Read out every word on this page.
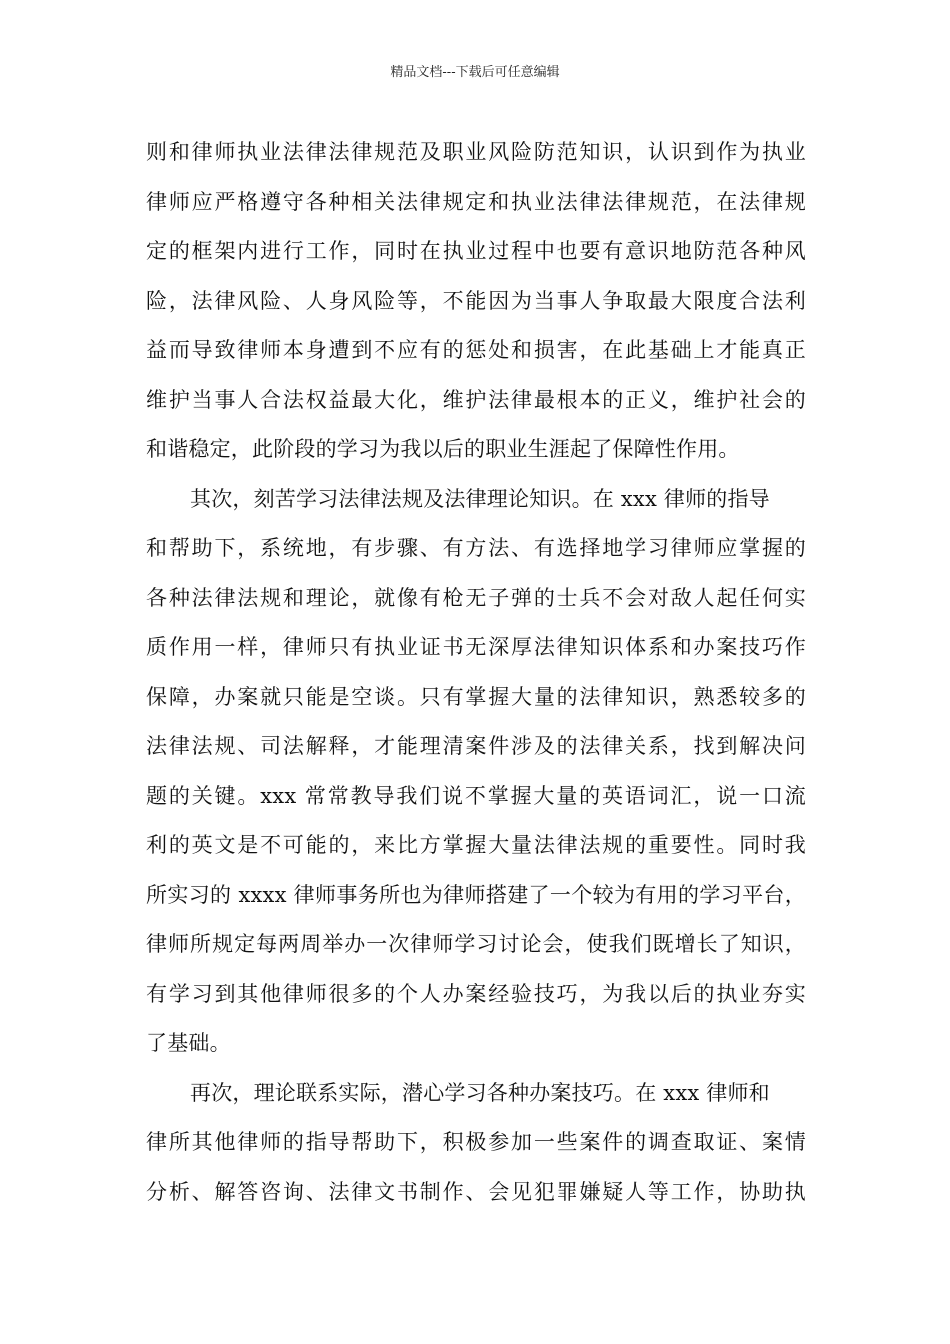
精品文档---下载后可任意编辑
则和律师执业法律法律规范及职业风险防范知识，认识到作为执业
律师应严格遵守各种相关法律规定和执业法律法律规范，在法律规
定的框架内进行工作，同时在执业过程中也要有意识地防范各种风
险，法律风险、人身风险等，不能因为当事人争取最大限度合法利
益而导致律师本身遭到不应有的惩处和损害，在此基础上才能真正
维护当事人合法权益最大化，维护法律最根本的正义，维护社会的
和谐稳定，此阶段的学习为我以后的职业生涯起了保障性作用。
其次，刻苦学习法律法规及法律理论知识。在 xxx 律师的指导
和帮助下，系统地，有步骤、有方法、有选择地学习律师应掌握的
各种法律法规和理论，就像有枪无子弹的士兵不会对敌人起任何实
质作用一样，律师只有执业证书无深厚法律知识体系和办案技巧作
保障，办案就只能是空谈。只有掌握大量的法律知识，熟悉较多的
法律法规、司法解释，才能理清案件涉及的法律关系，找到解决问
题的关键。xxx 常常教导我们说不掌握大量的英语词汇，说一口流
利的英文是不可能的，来比方掌握大量法律法规的重要性。同时我
所实习的 xxxx 律师事务所也为律师搭建了一个较为有用的学习平台，
律师所规定每两周举办一次律师学习讨论会，使我们既增长了知识，
有学习到其他律师很多的个人办案经验技巧，为我以后的执业夯实
了基础。
再次，理论联系实际，潜心学习各种办案技巧。在 xxx 律师和
律所其他律师的指导帮助下，积极参加一些案件的调查取证、案情
分析、解答咨询、法律文书制作、会见犯罪嫌疑人等工作，协助执
